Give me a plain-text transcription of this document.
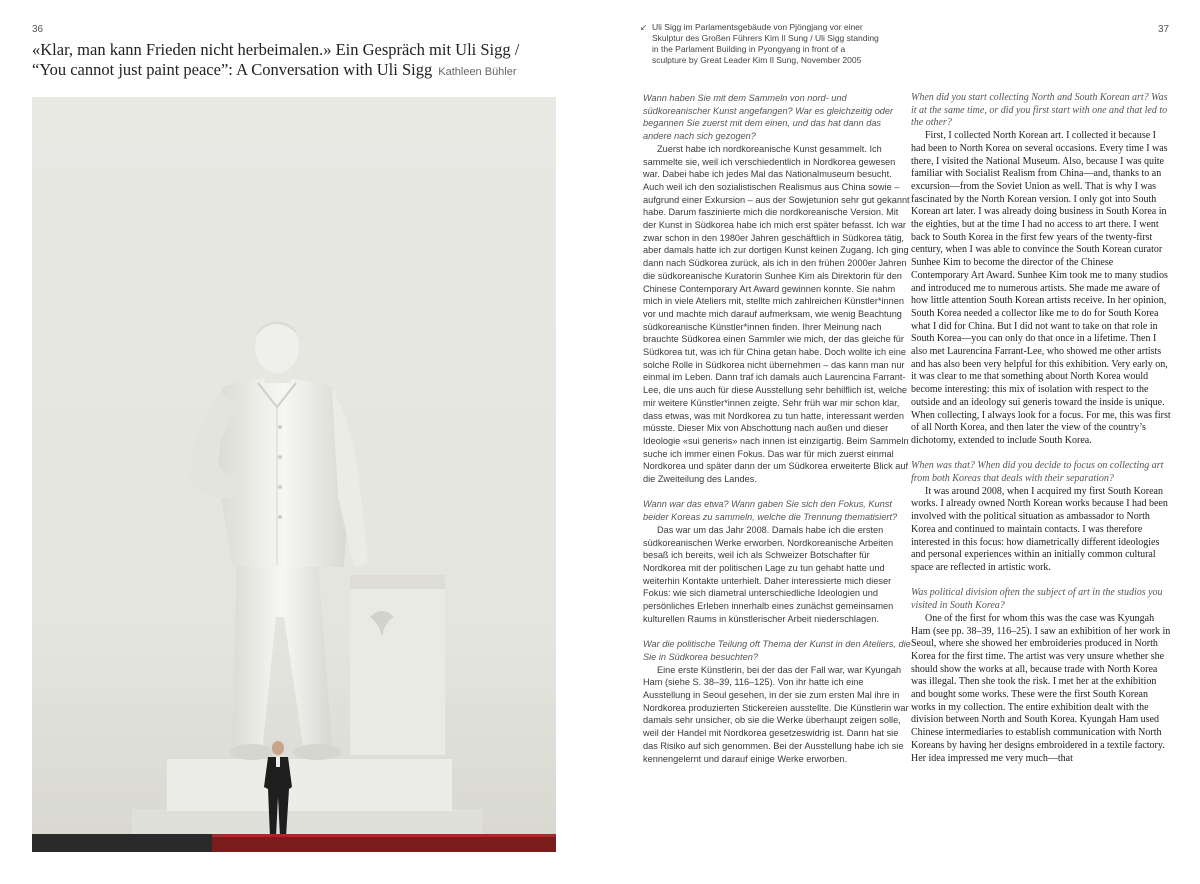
36	37
«Klar, man kann Frieden nicht herbeimalen.» Ein Gespräch mit Uli Sigg /
“You cannot just paint peace”: A Conversation with Uli Sigg Kathleen Bühler
↙ Uli Sigg im Parlamentsgebäude von Pjöngjang vor einer
Skulptur des Großen Führers Kim Il Sung / Uli Sigg standing
in the Parlament Building in Pyongyang in front of a
sculpture by Great Leader Kim Il Sung, November 2005

Wann haben Sie mit dem Sammeln von nord- und südkoreanischer Kunst angefangen? War es gleichzeitig oder begannen Sie zuerst mit dem einen, und das hat dann das andere nach sich gezogen?

Zuerst habe ich nordkoreanische Kunst gesammelt. Ich sammelte sie, weil ich verschiedentlich in Nordkorea gewesen war. Dabei habe ich jedes Mal das Nationalmuseum besucht. Auch weil ich den sozialistischen Realismus aus China sowie – aufgrund einer Exkursion – aus der Sowjetunion sehr gut gekannt habe. Darum faszinierte mich die nordkoreanische Version. Mit der Kunst in Südkorea habe ich mich erst später befasst. Ich war zwar schon in den 1980er Jahren geschäftlich in Südkorea tätig, aber damals hatte ich zur dortigen Kunst keinen Zugang. Ich ging dann nach Südkorea zurück, als ich in den frühen 2000er Jahren die südkoreanische Kuratorin Sunhee Kim als Direktorin für den Chinese Contemporary Art Award gewinnen konnte. Sie nahm mich in viele Ateliers mit, stellte mich zahlreichen Künstler*innen vor und machte mich darauf aufmerksam, wie wenig Beachtung südkoreanische Künstler*innen finden. Ihrer Meinung nach brauchte Südkorea einen Sammler wie mich, der das gleiche für Südkorea tut, was ich für China getan habe. Doch wollte ich eine solche Rolle in Südkorea nicht übernehmen – das kann man nur einmal im Leben. Dann traf ich damals auch Laurencina Farrant-Lee, die uns auch für diese Ausstellung sehr behilflich ist, welche mir weitere Künstler*innen zeigte. Sehr früh war mir schon klar, dass etwas, was mit Nordkorea zu tun hatte, interessant werden müsste. Dieser Mix von Abschottung nach außen und dieser Ideologie «sui generis» nach innen ist einzigartig. Beim Sammeln suche ich immer einen Fokus. Das war für mich zuerst einmal Nordkorea und später dann der um Südkorea erweiterte Blick auf die Zweiteilung des Landes.

Wann war das etwa? Wann gaben Sie sich den Fokus, Kunst beider Koreas zu sammeln, welche die Trennung thematisiert?

Das war um das Jahr 2008. Damals habe ich die ersten südkoreanischen Werke erworben. Nordkoreanische Arbeiten besaß ich bereits, weil ich als Schweizer Botschafter für Nordkorea mit der politischen Lage zu tun gehabt hatte und weiterhin Kontakte unterhielt. Daher interessierte mich dieser Fokus: wie sich diametral unterschiedliche Ideologien und persönliches Erleben innerhalb eines zunächst gemeinsamen kulturellen Raums in künstlerischer Arbeit niederschlagen.

War die politische Teilung oft Thema der Kunst in den Ateliers, die Sie in Südkorea besuchten?

Eine erste Künstlerin, bei der das der Fall war, war Kyungah Ham (siehe S. 38–39, 116–125). Von ihr hatte ich eine Ausstellung in Seoul gesehen, in der sie zum ersten Mal ihre in Nordkorea produzierten Stickereien ausstellte. Die Künstlerin war damals sehr unsicher, ob sie die Werke überhaupt zeigen solle, weil der Handel mit Nordkorea gesetzeswidrig ist. Dann hat sie das Risiko auf sich genommen. Bei der Ausstellung habe ich sie kennengelernt und darauf einige Werke erworben.

When did you start collecting North and South Korean art? Was it at the same time, or did you first start with one and that led to the other?

First, I collected North Korean art. I collected it because I had been to North Korea on several occasions. Every time I was there, I visited the National Museum. Also, because I was quite familiar with Socialist Realism from China—and, thanks to an excursion—from the Soviet Union as well. That is why I was fascinated by the North Korean version. I only got into South Korean art later. I was already doing business in South Korea in the eighties, but at the time I had no access to art there. I went back to South Korea in the first few years of the twenty-first century, when I was able to convince the South Korean curator Sunhee Kim to become the director of the Chinese Contemporary Art Award. Sunhee Kim took me to many studios and introduced me to numerous artists. She made me aware of how little attention South Korean artists receive. In her opinion, South Korea needed a collector like me to do for South Korea what I did for China. But I did not want to take on that role in South Korea—you can only do that once in a lifetime. Then I also met Laurencina Farrant-Lee, who showed me other artists and has also been very helpful for this exhibition. Very early on, it was clear to me that something about North Korea would become interesting: this mix of isolation with respect to the outside and an ideology sui generis toward the inside is unique. When collecting, I always look for a focus. For me, this was first of all North Korea, and then later the view of the country’s dichotomy, extended to include South Korea.

When was that? When did you decide to focus on collecting art from both Koreas that deals with their separation?

It was around 2008, when I acquired my first South Korean works. I already owned North Korean works because I had been involved with the political situation as ambassador to North Korea and continued to maintain contacts. I was therefore interested in this focus: how diametrically different ideologies and personal experiences within an initially common cultural space are reflected in artistic work.

Was political division often the subject of art in the studios you visited in South Korea?

One of the first for whom this was the case was Kyungah Ham (see pp. 38–39, 116–25). I saw an exhibition of her work in Seoul, where she showed her embroideries produced in North Korea for the first time. The artist was very unsure whether she should show the works at all, because trade with North Korea was illegal. Then she took the risk. I met her at the exhibition and bought some works. These were the first South Korean works in my collection. The entire exhibition dealt with the division between North and South Korea. Kyungah Ham used Chinese intermediaries to establish communication with North Koreans by having her designs embroidered in a textile factory. Her idea impressed me very much—that
